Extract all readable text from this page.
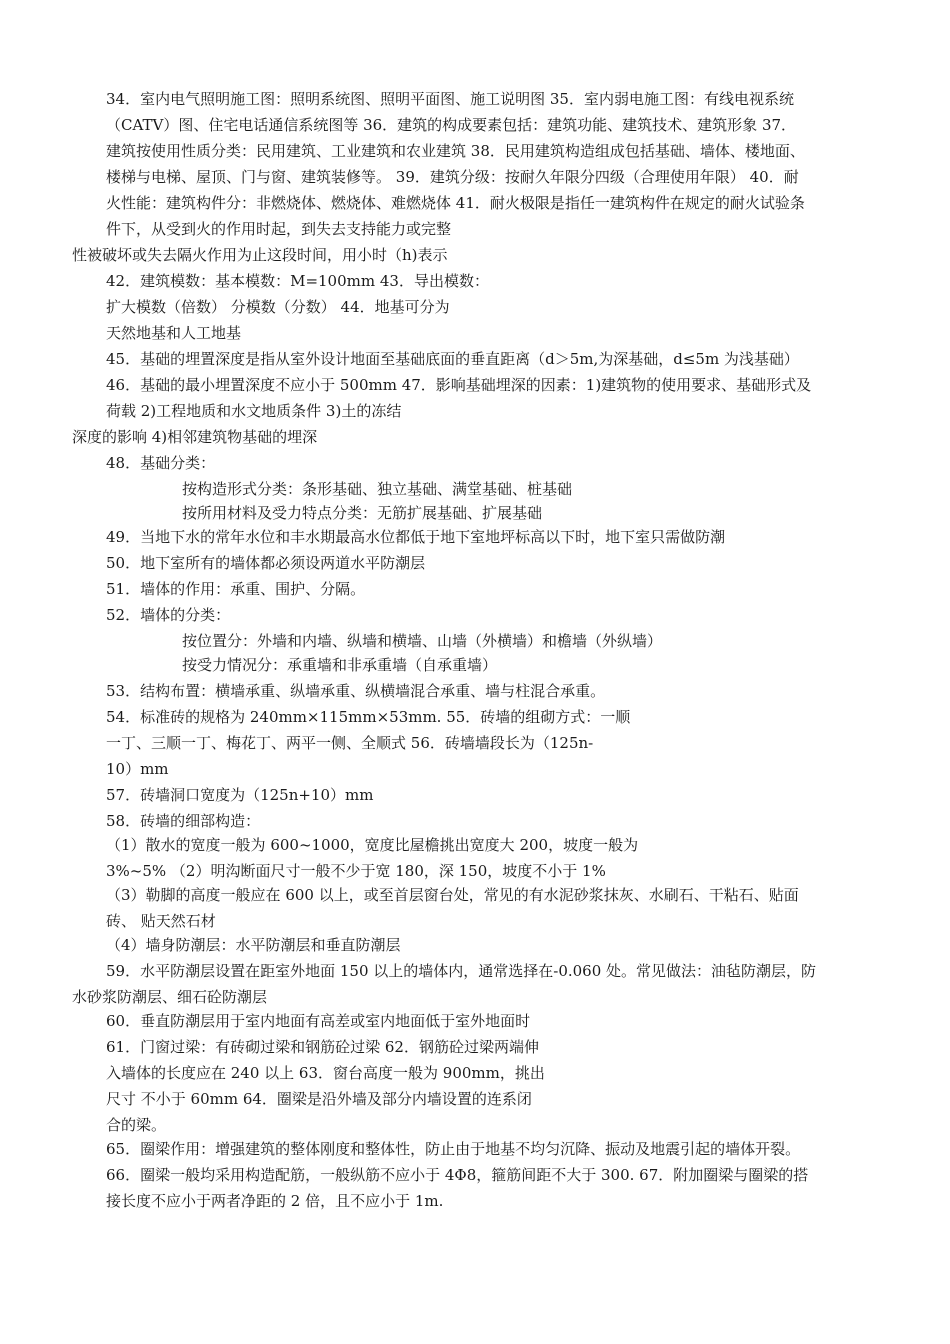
34．室内电气照明施工图：照明系统图、照明平面图、施工说明图 35．室内弱电施工图：有线电视系统
（CATV）图、住宅电话通信系统图等 36．建筑的构成要素包括：建筑功能、建筑技术、建筑形象 37．
建筑按使用性质分类：民用建筑、工业建筑和农业建筑 38．民用建筑构造组成包括基础、墙体、楼地面、
楼梯与电梯、屋顶、门与窗、建筑装修等。 39．建筑分级：按耐久年限分四级（合理使用年限） 40．耐
火性能：建筑构件分：非燃烧体、燃烧体、难燃烧体 41．耐火极限是指任一建筑构件在规定的耐火试验条
件下，从受到火的作用时起，到失去支持能力或完整
性被破坏或失去隔火作用为止这段时间，用小时（h)表示
42．建筑模数：基本模数：M=100mm 43．导出模数：
扩大模数（倍数） 分模数（分数） 44．地基可分为
天然地基和人工地基
45．基础的埋置深度是指从室外设计地面至基础底面的垂直距离（d＞5m,为深基础，d≤5m 为浅基础）
46．基础的最小埋置深度不应小于 500mm 47．影响基础埋深的因素：1)建筑物的使用要求、基础形式及
荷载 2)工程地质和水文地质条件 3)土的冻结
深度的影响 4)相邻建筑物基础的埋深
48．基础分类：
按构造形式分类：条形基础、独立基础、满堂基础、桩基础
按所用材料及受力特点分类：无筋扩展基础、扩展基础
49．当地下水的常年水位和丰水期最高水位都低于地下室地坪标高以下时，地下室只需做防潮
50．地下室所有的墙体都必须设两道水平防潮层
51．墙体的作用：承重、围护、分隔。
52．墙体的分类：
按位置分：外墙和内墙、纵墙和横墙、山墙（外横墙）和檐墙（外纵墙）
按受力情况分：承重墙和非承重墙（自承重墙）
53．结构布置：横墙承重、纵墙承重、纵横墙混合承重、墙与柱混合承重。
54．标准砖的规格为 240mm×115mm×53mm. 55．砖墙的组砌方式：一顺
一丁、三顺一丁、梅花丁、两平一侧、全顺式 56．砖墙墙段长为（125n-
10）mm
57．砖墙洞口宽度为（125n+10）mm
58．砖墙的细部构造：
（1）散水的宽度一般为 600~1000，宽度比屋檐挑出宽度大 200，坡度一般为
3%~5% （2）明沟断面尺寸一般不少于宽 180，深 150，坡度不小于 1%
（3）勒脚的高度一般应在 600 以上，或至首层窗台处，常见的有水泥砂浆抹灰、水刷石、干粘石、贴面
砖、 贴天然石材
（4）墙身防潮层：水平防潮层和垂直防潮层
59．水平防潮层设置在距室外地面 150 以上的墙体内，通常选择在-0.060 处。常见做法：油毡防潮层，防
水砂浆防潮层、细石砼防潮层
60．垂直防潮层用于室内地面有高差或室内地面低于室外地面时
61．门窗过梁：有砖砌过梁和钢筋砼过梁 62．钢筋砼过梁两端伸
入墙体的长度应在 240 以上 63．窗台高度一般为 900mm，挑出
尺寸 不小于 60mm 64．圈梁是沿外墙及部分内墙设置的连系闭
合的梁。
65．圈梁作用：增强建筑的整体刚度和整体性，防止由于地基不均匀沉降、振动及地震引起的墙体开裂。
66．圈梁一般均采用构造配筋，一般纵筋不应小于 4Φ8，箍筋间距不大于 300. 67．附加圈梁与圈梁的搭
接长度不应小于两者净距的 2 倍，且不应小于 1m.
